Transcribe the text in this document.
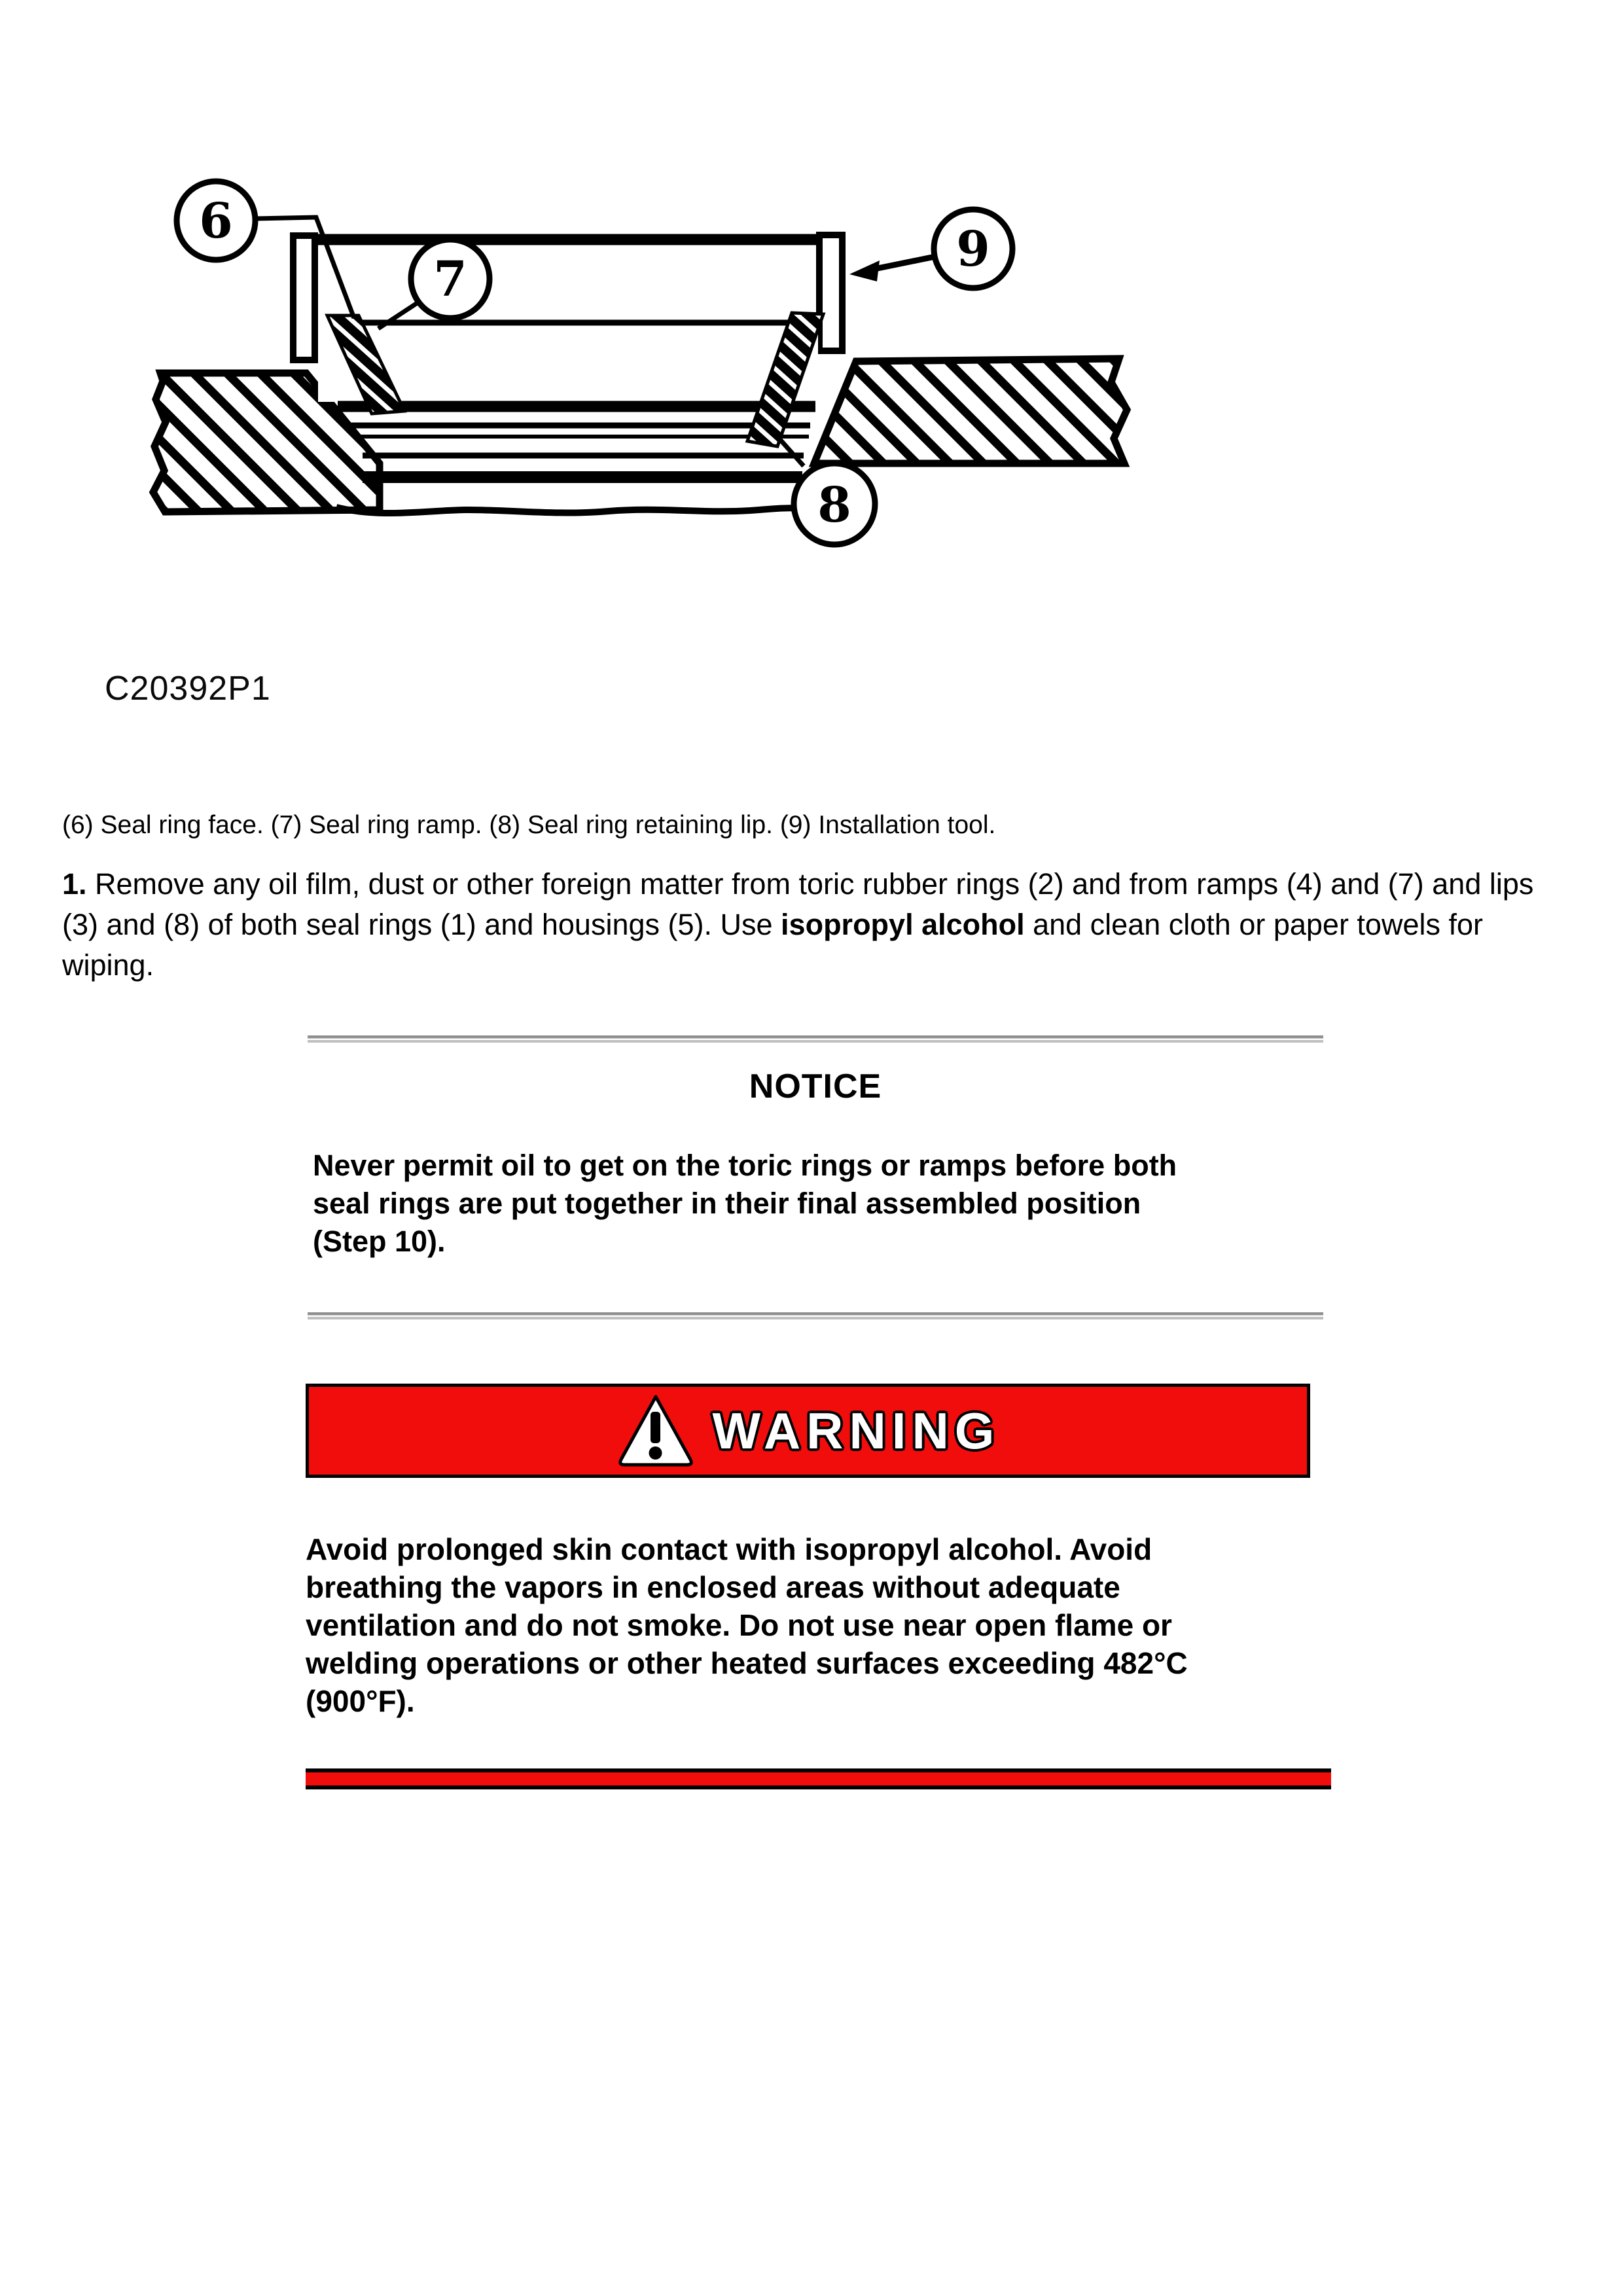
6
7
8
9
C20392P1
(6) Seal ring face. (7) Seal ring ramp. (8) Seal ring retaining lip. (9) Installation tool.
1. Remove any oil film, dust or other foreign matter from toric rubber rings (2) and from ramps (4) and (7) and lips (3) and (8) of both seal rings (1) and housings (5). Use isopropyl alcohol and clean cloth or paper towels for wiping.
NOTICE
Never permit oil to get on the toric rings or ramps before both
seal rings are put together in their final assembled position
(Step 10).
WARNING
Avoid prolonged skin contact with isopropyl alcohol. Avoid
breathing the vapors in enclosed areas without adequate
ventilation and do not smoke. Do not use near open flame or
welding operations or other heated surfaces exceeding 482°C
(900°F).
